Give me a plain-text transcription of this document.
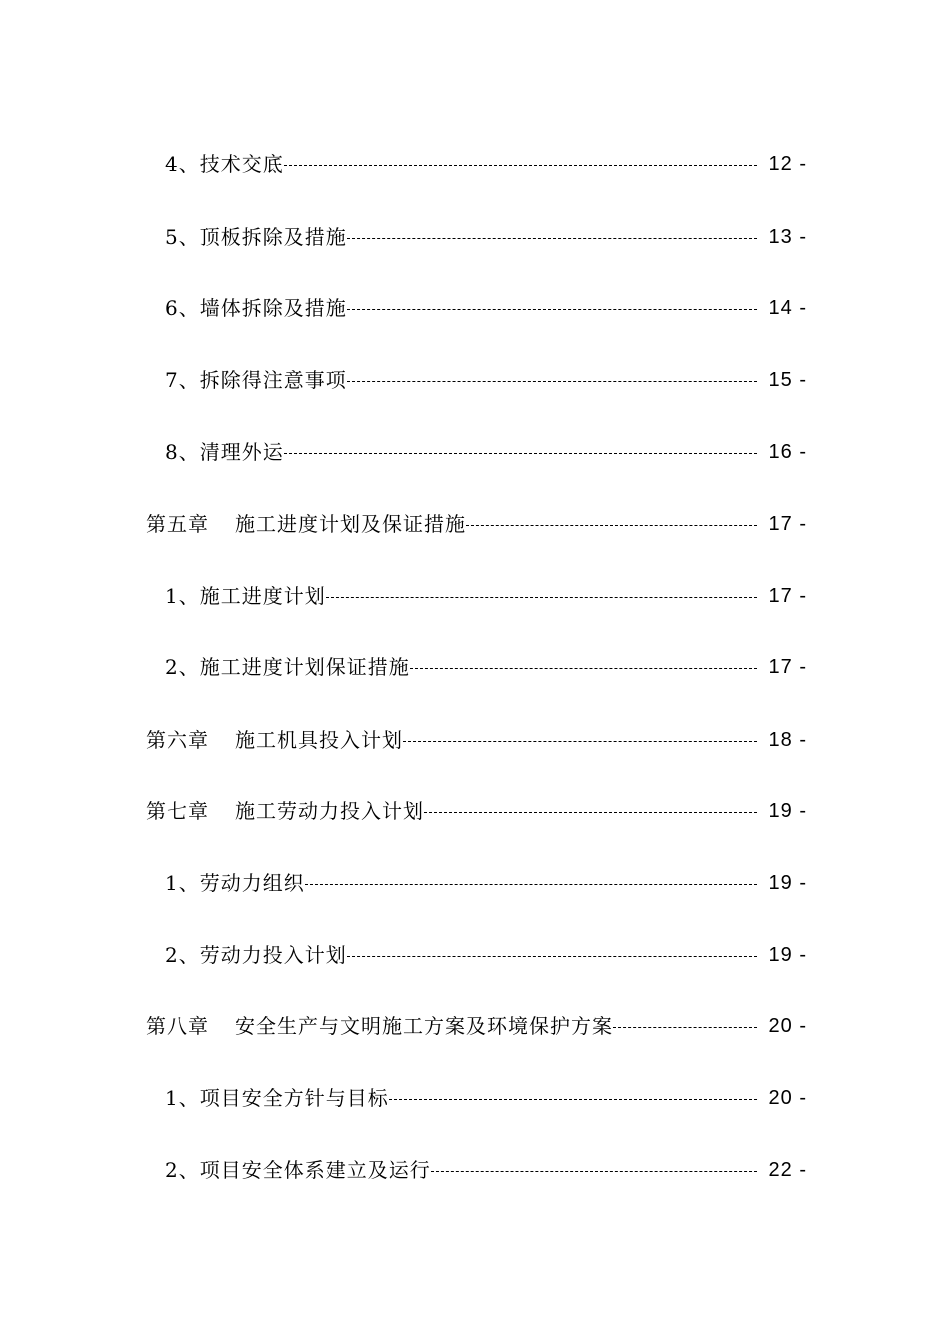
4、技术交底	12 -
5、顶板拆除及措施	13 -
6、墙体拆除及措施	14 -
7、拆除得注意事项	15 -
8、清理外运	16 -
第五章 施工进度计划及保证措施	17 -
1、施工进度计划	17 -
2、施工进度计划保证措施	17 -
第六章 施工机具投入计划	18 -
第七章 施工劳动力投入计划	19 -
1、劳动力组织	19 -
2、劳动力投入计划	19 -
第八章 安全生产与文明施工方案及环境保护方案	20 -
1、项目安全方针与目标	20 -
2、项目安全体系建立及运行	22 -
